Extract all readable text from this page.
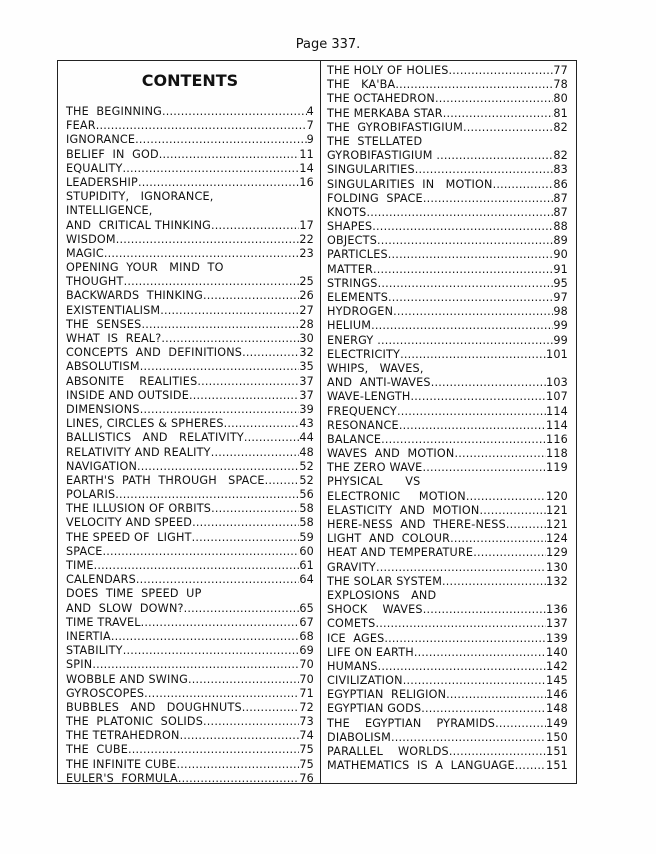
Page 337.
CONTENTS
THE  BEGINNING .....	4
FEAR .....	7
IGNORANCE .....	9
BELIEF  IN  GOD .....	11
EQUALITY .....	14
LEADERSHIP .....	16
STUPIDITY,   IGNORANCE,
INTELLIGENCE,
AND  CRITICAL THINKING .....	17
WISDOM .....	22
MAGIC .....	23
OPENING  YOUR   MIND  TO
THOUGHT .....	25
BACKWARDS  THINKING .....	26
EXISTENTIALISM .....	27
THE  SENSES .....	28
WHAT  IS  REAL? .....	30
CONCEPTS  AND  DEFINITIONS .....	32
ABSOLUTISM .....	35
ABSONITE    REALITIES .....	37
INSIDE AND OUTSIDE .....	37
DIMENSIONS .....	39
LINES, CIRCLES & SPHERES .....	43
BALLISTICS   AND   RELATIVITY .....	44
RELATIVITY AND REALITY .....	48
NAVIGATION .....	52
EARTH'S  PATH  THROUGH   SPACE. .....	52
POLARIS .....	56
THE ILLUSION OF ORBITS .....	58
VELOCITY AND SPEED .....	58
THE SPEED OF  LIGHT .....	59
SPACE .....	60
TIME .....	61
CALENDARS .....	64
DOES  TIME  SPEED  UP
AND  SLOW  DOWN? .....	65
TIME TRAVEL .....	67
INERTIA .....	68
STABILITY .....	69
SPIN .....	70
WOBBLE AND SWING .....	70
GYROSCOPES .....	71
BUBBLES   AND   DOUGHNUTS .....	72
THE  PLATONIC  SOLIDS .....	73
THE TETRAHEDRON .....	74
THE  CUBE .....	75
THE INFINITE CUBE .....	75
EULER'S  FORMULA .....	76
THE HOLY OF HOLIES .....	77
THE   KA'BA .....	78
THE OCTAHEDRON .....	80
THE MERKABA STAR .....	81
THE  GYROBIFASTIGIUM .....	82
THE  STELLATED
GYROBIFASTIGIUM .....	82
SINGULARITIES .....	83
SINGULARITIES  IN   MOTION .....	86
FOLDING  SPACE .....	87
KNOTS .....	87
SHAPES .....	88
OBJECTS .....	89
PARTICLES .....	90
MATTER .....	91
STRINGS .....	95
ELEMENTS .....	97
HYDROGEN .....	98
HELIUM .....	99
ENERGY .....	99
ELECTRICITY .....	101
WHIPS,   WAVES,
AND  ANTI-WAVES .....	103
WAVE-LENGTH .....	107
FREQUENCY .....	114
RESONANCE .....	114
BALANCE .....	116
WAVES  AND  MOTION .....	118
THE ZERO WAVE .....	119
PHYSICAL      VS
ELECTRONIC     MOTION .....	120
ELASTICITY  AND  MOTION .....	121
HERE-NESS  AND  THERE-NESS .....	121
LIGHT  AND  COLOUR .....	124
HEAT AND TEMPERATURE .....	129
GRAVITY .....	130
THE SOLAR SYSTEM .....	132
EXPLOSIONS   AND
SHOCK    WAVES .....	136
COMETS .....	137
ICE  AGES .....	139
LIFE ON EARTH .....	140
HUMANS .....	142
CIVILIZATION .....	145
EGYPTIAN  RELIGION .....	146
EGYPTIAN GODS .....	148
THE    EGYPTIAN    PYRAMIDS .....	149
DIABOLISM .....	150
PARALLEL    WORLDS .....	151
MATHEMATICS  IS  A  LANGUAGE .....	151
